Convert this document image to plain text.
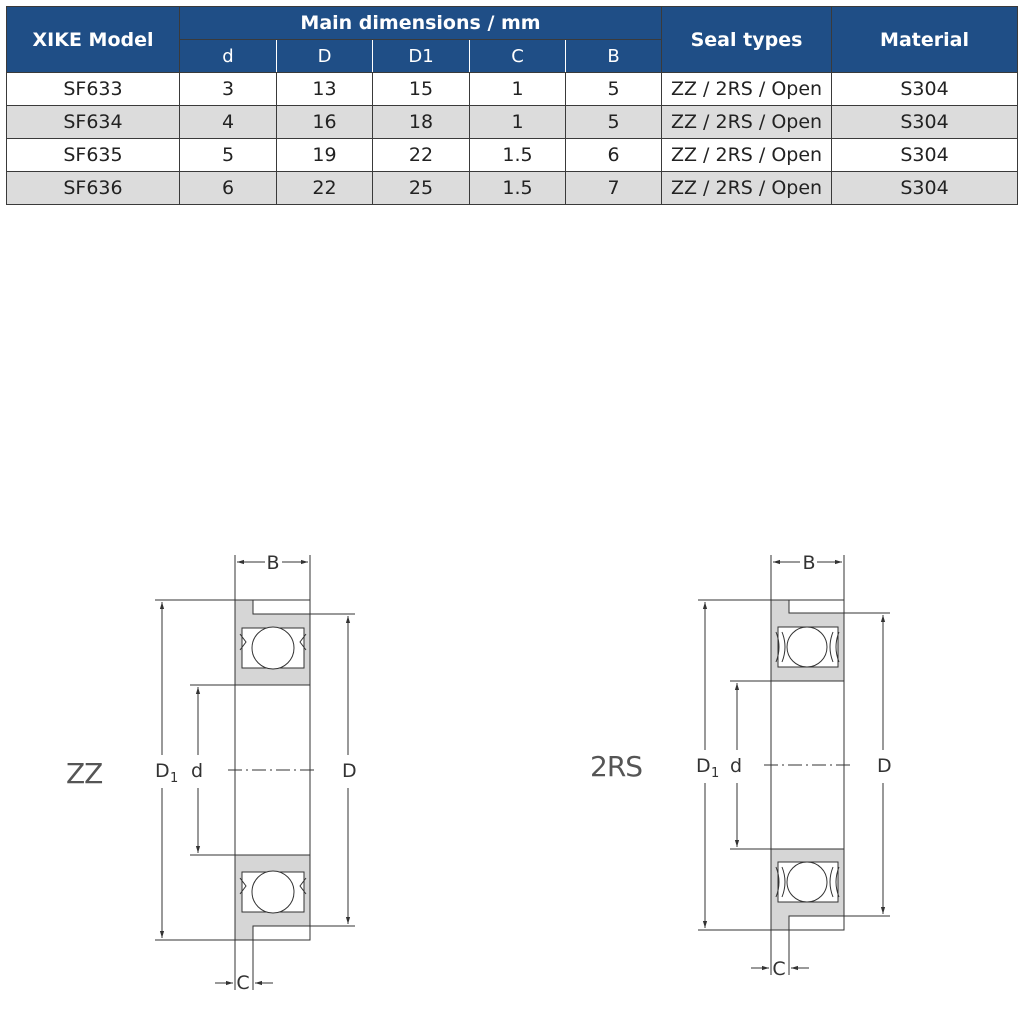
XIKE Model	Main dimensions / mm					Seal types	Material
	d	D	D1	C	B		
SF633	3	13	15	1	5	ZZ / 2RS / Open	S304
SF634	4	16	18	1	5	ZZ / 2RS / Open	S304
SF635	5	19	22	1.5	6	ZZ / 2RS / Open	S304
SF636	6	22	25	1.5	7	ZZ / 2RS / Open	S304
ZZ	2RS
B
C
D 1 d	D
B
C
D 1 d	D
